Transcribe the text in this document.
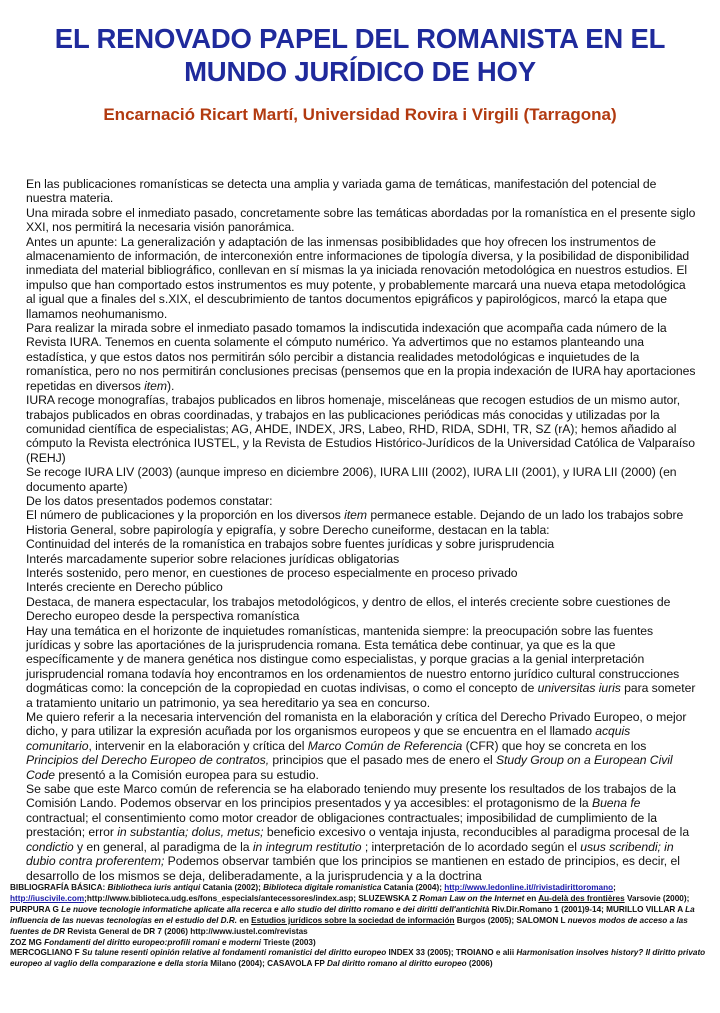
EL RENOVADO PAPEL DEL ROMANISTA EN EL MUNDO JURÍDICO DE HOY
Encarnació Ricart Martí, Universidad Rovira i Virgili (Tarragona)

En las publicaciones romanísticas se detecta una amplia y variada gama de temáticas, manifestación del potencial de nuestra materia.

Una mirada sobre el inmediato pasado, concretamente sobre las temáticas abordadas por la romanística en el presente siglo XXI, nos permitirá la necesaria visión panorámica.

Antes un apunte: La generalización y adaptación de las inmensas posibiblidades que hoy ofrecen los instrumentos de almacenamiento de información, de interconexión entre informaciones de tipología diversa, y la posibilidad de disponibilidad inmediata del material bibliográfico, conllevan en sí mismas la ya iniciada renovación metodológica en nuestros estudios. El impulso que han comportado estos instrumentos es muy potente, y probablemente marcará una nueva etapa metodológica al igual que a finales del s.XIX, el descubrimiento de tantos documentos epigráficos y papirológicos, marcó la etapa que llamamos neohumanismo.

Para realizar la mirada sobre el inmediato pasado tomamos la indiscutida indexación que acompaña cada número de la Revista IURA. Tenemos en cuenta solamente el cómputo numérico. Ya advertimos que no estamos planteando una estadística, y que estos datos nos permitirán sólo percibir a distancia realidades metodológicas e inquietudes de la romanística, pero no nos permitirán conclusiones precisas (pensemos que en la propia indexación de IURA hay aportaciones repetidas en diversos item).

IURA recoge monografías, trabajos publicados en libros homenaje, misceláneas que recogen estudios de un mismo autor, trabajos publicados en obras coordinadas, y trabajos en las publicaciones periódicas más conocidas y utilizadas por la comunidad científica de especialistas; AG, AHDE, INDEX, JRS, Labeo, RHD, RIDA, SDHI, TR, SZ (rA); hemos añadido al cómputo la Revista electrónica IUSTEL, y la Revista de Estudios Histórico-Jurídicos de la Universidad Católica de Valparaíso (REHJ)

Se recoge IURA LIV (2003) (aunque impreso en diciembre 2006), IURA LIII (2002), IURA LII (2001), y IURA LII (2000) (en documento aparte)

De los datos presentados podemos constatar:

El número de publicaciones y la proporción en los diversos item permanece estable. Dejando de un lado los trabajos sobre Historia General, sobre papirología y epigrafía, y sobre Derecho cuneiforme, destacan en la tabla:

Continuidad del interés de la romanística en trabajos sobre fuentes jurídicas y sobre jurisprudencia

Interés marcadamente superior sobre relaciones jurídicas obligatorias

Interés sostenido, pero menor, en cuestiones de proceso especialmente en proceso privado

Interés creciente en Derecho público

Destaca, de manera espectacular, los trabajos metodológicos, y dentro de ellos, el interés creciente sobre cuestiones de Derecho europeo desde la perspectiva romanística

Hay una temática en el horizonte de inquietudes romanísticas, mantenida siempre: la preocupación sobre las fuentes jurídicas y sobre las aportaciónes de la jurisprudencia romana. Esta temática debe continuar, ya que es la que específicamente y de manera genética nos distingue como especialistas, y porque gracias a la genial interpretación jurisprudencial romana todavía hoy encontramos en los ordenamientos de nuestro entorno jurídico cultural construcciones dogmáticas como: la concepción de la copropiedad en cuotas indivisas, o como el concepto de universitas iuris para someter a tratamiento unitario un patrimonio, ya sea hereditario ya sea en concurso.

Me quiero referir a la necesaria intervención del romanista en la elaboración y crítica del Derecho Privado Europeo, o mejor dicho, y para utilizar la expresión acuñada por los organismos europeos y que se encuentra en el llamado acquis comunitario, intervenir en la elaboración y crítica del Marco Común de Referencia (CFR) que hoy se concreta en los Principios del Derecho Europeo de contratos, principios que el pasado mes de enero el Study Group on a European Civil Code presentó a la Comisión europea para su estudio.

Se sabe que este Marco común de referencia se ha elaborado teniendo muy presente los resultados de los trabajos de la Comisión Lando. Podemos observar en los principios presentados y ya accesibles: el protagonismo de la Buena fe contractual; el consentimiento como motor creador de obligaciones contractuales; imposibilidad de cumplimiento de la prestación; error in substantia; dolus, metus; beneficio excesivo o ventaja injusta, reconducibles al paradigma procesal de la condictio y en general, al paradigma de la in integrum restitutio ; interpretación de lo acordado según el usus scribendi; in dubio contra proferentem; Podemos observar también que los principios se mantienen en estado de principios, es decir, el desarrollo de los mismos se deja, deliberadamente, a la jurisprudencia y a la doctrina

BIBLIOGRAFÍA BÁSICA: Bibliotheca iuris antiqui Catania (2002); Biblioteca digitale romanistica Catania (2004); http://www.ledonline.it//rivistadirittoromano;
http://iuscivile.com;http://www.biblioteca.udg.es/fons_especials/antecessores/index.asp; SLUZEWSKA Z Roman Law on the Internet en Au-delà des frontières Varsovie (2000);
PURPURA G Le nuove tecnologie informatiche aplicate alla recerca e allo studio del diritto romano e dei diritti dell'antichità Riv.Dir.Romano 1 (2001)9-14; MURILLO VILLAR A La influencia de las nuevas tecnologías en el estudio del D.R. en Estudios jurídicos sobre la sociedad de información Burgos (2005); SALOMON L nuevos modos de acceso a las fuentes de DR Revista General de DR 7 (2006) http://www.iustel.com/revistas

ZOZ MG Fondamenti del diritto europeo:profili romani e moderni Trieste (2003)

MERCOGLIANO F Su talune resenti opinión relative al fondamenti romanistici del diritto europeo INDEX 33 (2005); TROIANO e alii Harmonisation insolves history? Il diritto privato europeo al vaglio della comparazione e della storia Milano (2004); CASAVOLA FP Dal diritto romano al diritto europeo (2006)
